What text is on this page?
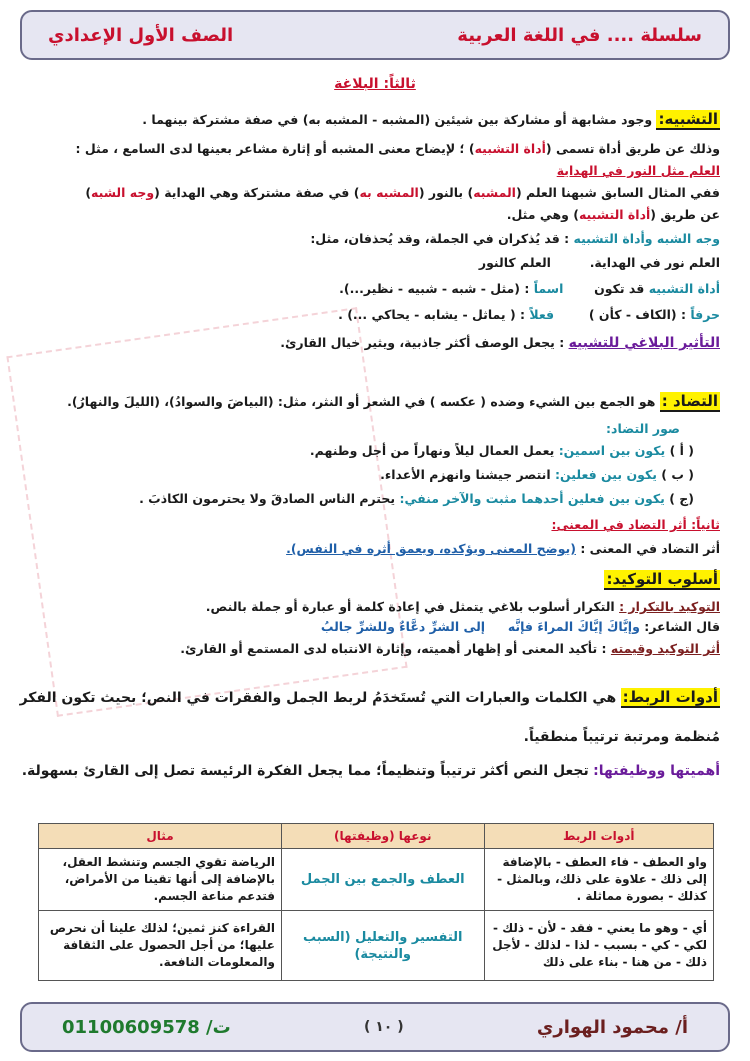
سلسلة .... في اللغة العربية
الصف الأول الإعدادي
ثالثاً: البلاغة
التشبيه: وجود مشابهة أو مشاركة بين شيئين (المشبه - المشبه به) في صفة مشتركة بينهما .
وذلك عن طريق أداة تسمى (أداة التشبيه) ؛ لإيضاح معنى المشبه أو إثارة مشاعر بعينها لدى السامع ، مثل :
العلم مثل النور في الهداية
ففي المثال السابق شبهنا العلم (المشبه) بالنور (المشبه به) في صفة مشتركة وهي الهداية (وجه الشبه)
عن طريق (أداة التشبيه) وهي مثل.
وجه الشبه وأداة التشبيه : قد يُذكران في الجملة، وقد يُحذفان، مثل:
العلم نور في الهداية.  العلم كالنور
أداة التشبيه قد تكون  اسماً : (مثل - شبه - شبيه - نظير...).
حرفاً : (الكاف - كأن )  فعلاً : ( يماثل - يشابه - يحاكي ...) .
التأثير البلاغي للتشبيه : يجعل الوصف أكثر جاذبية، ويثير خيال القارئ.
التضاد : هو الجمع بين الشيء وضده ( عكسه ) في الشعر أو النثر، مثل: (البياضَ والسوادُ)، (الليلَ والنهارُ).
صور التضاد:
( أ ) يكون بين اسمين: يعمل العمال ليلاً ونهاراً من أجل وطنهم.
( ب ) يكون بين فعلين: انتصر جيشنا وانهزم الأعداء.
(ج ) يكون بين فعلين أحدهما مثبت والآخر منفي: يحترم الناس الصادقَ ولا يحترمون الكاذبَ .
ثانياً: أثر التضاد في المعنى:
أثر التضاد في المعنى : (يوضح المعنى ويؤكده، ويعمق أثره في النفس).
أسلوب التوكيد:
التوكيد بالتكرار : التكرار أسلوب بلاغي يتمثل في إعادة كلمة أو عبارة أو جملة بالنص.
قال الشاعر: وإيَّاكَ إيَّاكَ المراءَ فإنَّه  إلى الشرِّ دعَّاءٌ وللشرِّ جالبُ
أثر التوكيد وقيمته : تأكيد المعنى أو إظهار أهميته، وإثارة الانتباه لدى المستمع أو القارئ.
أدوات الربط: هي الكلمات والعبارات التي تُستَخدَمُ لربط الجمل والفقرات في النص؛ بحيث تكون الفكر
مُنظمة ومرتبة ترتيباً منطقياً.
أهميتها ووظيفتها: تجعل النص أكثر ترتيباً وتنظيماً؛ مما يجعل الفكرة الرئيسة تصل إلى القارئ بسهولة.
أدوات الربط	نوعها (وظيفتها)	مثال
واو العطف - فاء العطف - بالإضافة إلى ذلك - علاوة على ذلك، وبالمثل - كذلك - بصورة مماثلة .	العطف والجمع بين الجمل	الرياضة تقوي الجسم وتنشط العقل، بالإضافة إلى أنها تقينا من الأمراض، فتدعم مناعة الجسم.
أي - وهو ما يعني - فقد - لأن - ذلك - لكي - كي - بسبب - لذا - لذلك - لأجل ذلك - من هنا - بناء على ذلك	التفسير والتعليل (السبب والنتيجة)	القراءة كنز ثمين؛ لذلك علينا أن نحرص عليها؛ من أجل الحصول على الثقافة والمعلومات النافعة.
أ/ محمود الهواري
( ١٠ )
ت/ 01100609578
